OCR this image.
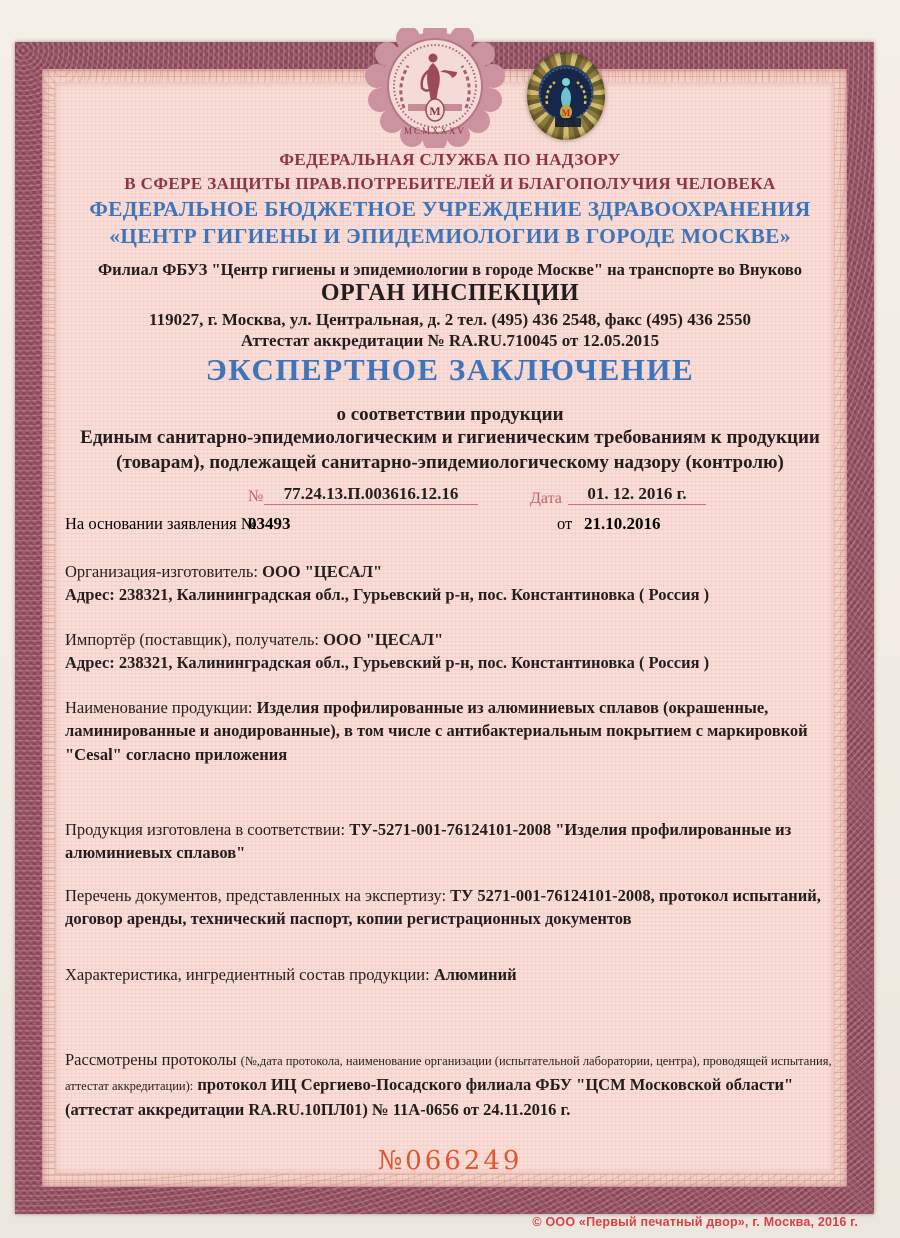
М
MCMXXXV
М
ФЕДЕРАЛЬНАЯ СЛУЖБА ПО НАДЗОРУ
В СФЕРЕ ЗАЩИТЫ ПРАВ.ПОТРЕБИТЕЛЕЙ И БЛАГОПОЛУЧИЯ ЧЕЛОВЕКА
ФЕДЕРАЛЬНОЕ БЮДЖЕТНОЕ УЧРЕЖДЕНИЕ ЗДРАВООХРАНЕНИЯ
«ЦЕНТР ГИГИЕНЫ И ЭПИДЕМИОЛОГИИ В ГОРОДЕ МОСКВЕ»
Филиал ФБУЗ "Центр гигиены и эпидемиологии в городе Москве" на транспорте во Внуково
ОРГАН ИНСПЕКЦИИ
119027, г. Москва, ул. Центральная, д. 2 тел. (495) 436 2548, факс (495) 436 2550
Аттестат аккредитации № RA.RU.710045 от 12.05.2015
ЭКСПЕРТНОЕ ЗАКЛЮЧЕНИЕ
о соответствии продукции
Единым санитарно-эпидемиологическим и гигиеническим требованиям к продукции
(товарам), подлежащей санитарно-эпидемиологическому надзору (контролю)
№	77.24.13.П.003616.12.16	Дата	01. 12. 2016 г.
На основании заявления №
03493	от 21.10.2016
Организация-изготовитель: ООО "ЦЕСАЛ"
Адрес: 238321, Калининградская обл., Гурьевский р-н, пос. Константиновка ( Россия )
Импортёр (поставщик), получатель: ООО "ЦЕСАЛ"
Адрес: 238321, Калининградская обл., Гурьевский р-н, пос. Константиновка ( Россия )
Наименование продукции: Изделия профилированные из алюминиевых сплавов (окрашенные, ламинированные и анодированные), в том числе с антибактериальным покрытием с маркировкой "Cesal" согласно приложения
Продукция изготовлена в соответствии: ТУ-5271-001-76124101-2008 "Изделия профилированные из алюминиевых сплавов"
Перечень документов, представленных на экспертизу: ТУ 5271-001-76124101-2008, протокол испытаний, договор аренды, технический паспорт, копии регистрационных документов
Характеристика, ингредиентный состав продукции: Алюминий
Рассмотрены протоколы (№,дата протокола, наименование организации (испытательной лаборатории, центра), проводящей испытания, аттестат аккредитации): протокол ИЦ Сергиево-Посадского филиала ФБУ "ЦСМ Московской области" (аттестат аккредитации RA.RU.10ПЛ01) № 11А-0656 от 24.11.2016 г.
№066249
© ООО «Первый печатный двор», г. Москва, 2016 г.
